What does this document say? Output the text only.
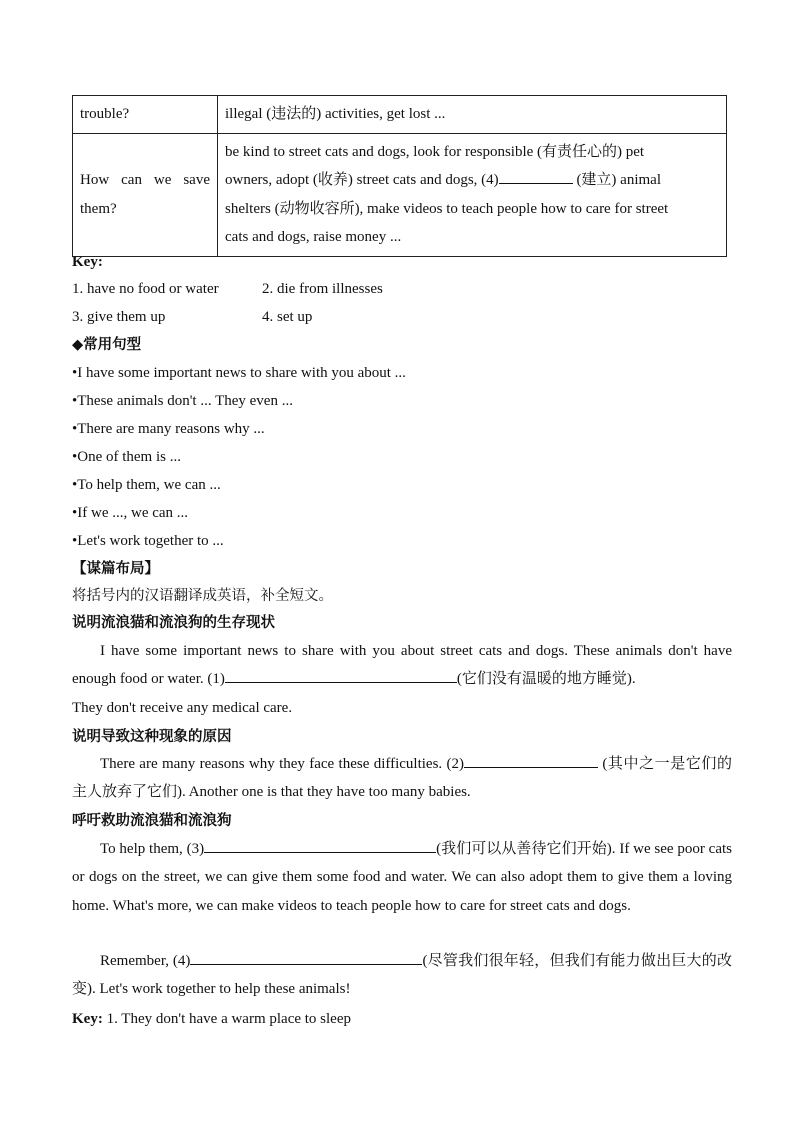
trouble?	illegal (违法的) activities, get lost ...
How can we save them?	be kind to street cats and dogs, look for responsible (有责任心的) pet
owners, adopt (收养) street cats and dogs, (4) (建立) animal
shelters (动物收容所), make videos to teach people how to care for street
cats and dogs, raise money ...
Key:
1. have no food or water	2. die from illnesses
3. give them up	4. set up
◆常用句型
•I have some important news to share with you about ...
•These animals don't ... They even ...
•There are many reasons why ...
•One of them is ...
•To help them, we can ...
•If we ..., we can ...
•Let's work together to ...
【谋篇布局】
将括号内的汉语翻译成英语，补全短文。
说明流浪猫和流浪狗的生存现状
I have some important news to share with you about street cats and dogs. These animals don't have enough food or water. (1)	(它们没有温暖的地方睡觉).
They don't receive any medical care.
说明导致这种现象的原因
There are many reasons why they face these difficulties. (2)	(其中之一是它们的主人放弃了它们). Another one is that they have too many babies.
呼吁救助流浪猫和流浪狗
To help them, (3)	(我们可以从善待它们开始). If we see poor cats or dogs on the street, we can give them some food and water. We can also adopt them to give them a loving home. What's more, we can make videos to teach people how to care for street cats and dogs.
Remember, (4)	(尽管我们很年轻，但我们有能力做出巨大的改变). Let's work together to help these animals!
Key: 1. They don't have a warm place to sleep
